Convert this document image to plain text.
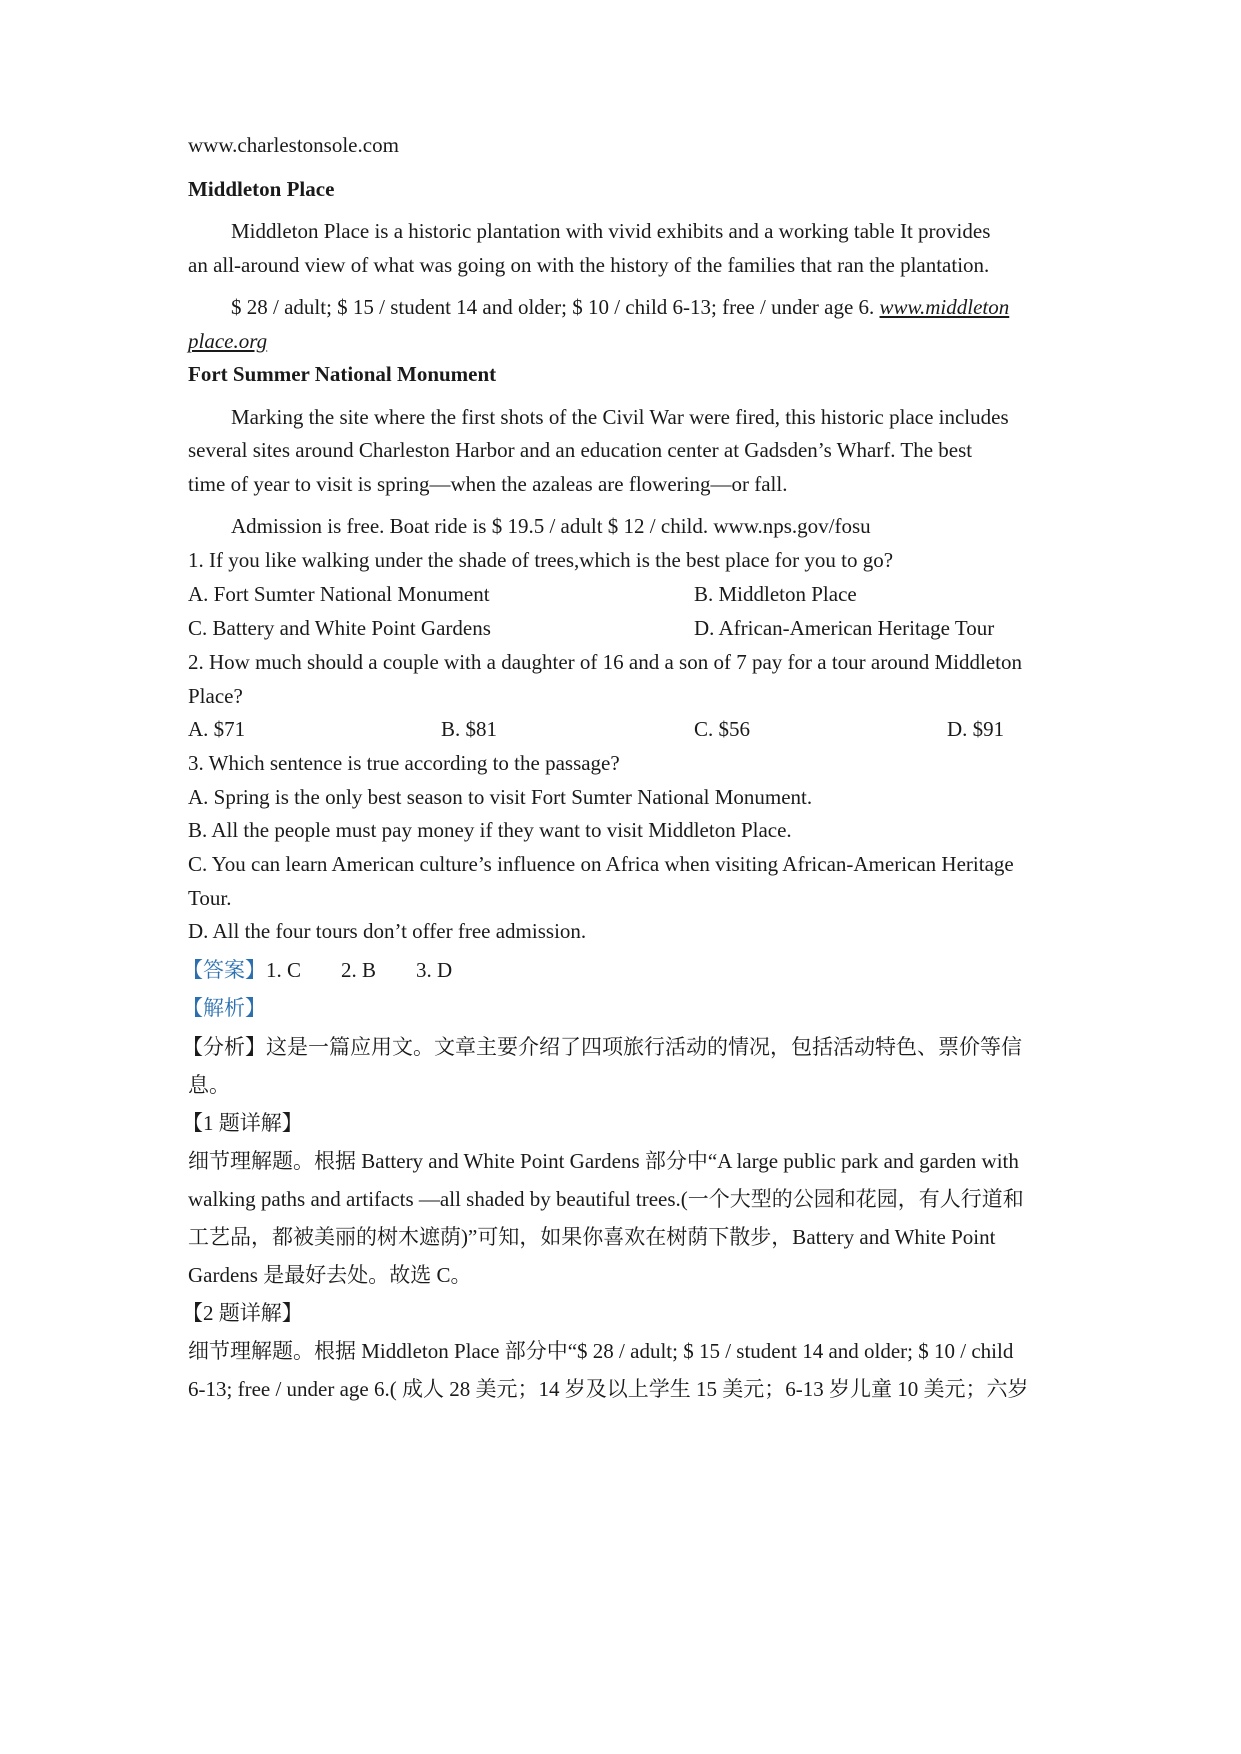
www.charlestonsole.com
Middleton Place
Middleton Place is a historic plantation with vivid exhibits and a working table It provides
an all-around view of what was going on with the history of the families that ran the plantation.
$ 28 / adult; $ 15 / student 14 and older; $ 10 / child 6-13; free / under age 6. www.middleton
place.org
Fort Summer National Monument
Marking the site where the first shots of the Civil War were fired, this historic place includes
several sites around Charleston Harbor and an education center at Gadsden’s Wharf. The best
time of year to visit is spring—when the azaleas are flowering—or fall.
Admission is free. Boat ride is $ 19.5 / adult $ 12 / child. www.nps.gov/fosu
1. If you like walking under the shade of trees,which is the best place for you to go?
A. Fort Sumter National Monument	B. Middleton Place
C. Battery and White Point Gardens	D. African-American Heritage Tour
2. How much should a couple with a daughter of 16 and a son of 7 pay for a tour around Middleton
Place?
A. $71	B. $81	C. $56	D. $91
3. Which sentence is true according to the passage?
A. Spring is the only best season to visit Fort Sumter National Monument.
B. All the people must pay money if they want to visit Middleton Place.
C. You can learn American culture’s influence on Africa when visiting African-American Heritage
Tour.
D. All the four tours don’t offer free admission.
【答案】1. C 2. B 3. D
【解析】
【分析】这是一篇应用文。文章主要介绍了四项旅行活动的情况，包括活动特色、票价等信
息。
【1 题详解】
细节理解题。根据 Battery and White Point Gardens 部分中“A large public park and garden with
walking paths and artifacts —all shaded by beautiful trees.(一个大型的公园和花园，有人行道和
工艺品，都被美丽的树木遮荫)”可知，如果你喜欢在树荫下散步，Battery and White Point
Gardens 是最好去处。故选 C。
【2 题详解】
细节理解题。根据 Middleton Place 部分中“$ 28 / adult; $ 15 / student 14 and older; $ 10 / child
6-13; free / under age 6.( 成人 28 美元；14 岁及以上学生 15 美元；6-13 岁儿童 10 美元；六岁
